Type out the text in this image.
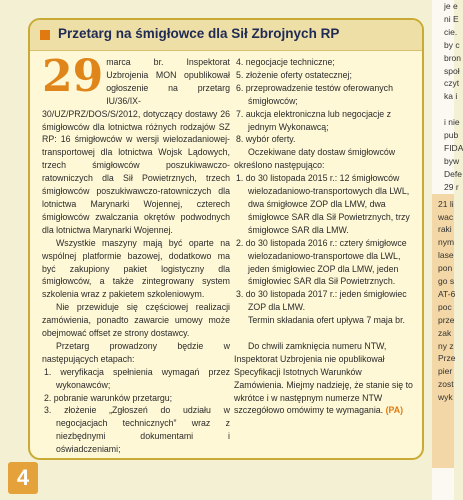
je e
ni E
cie.
by c
bron
społ
czyt
ka i

i nie
pub
FIDA
byw
Defe
29 r
21 li
wac
raki
nym
lase
pon
go s
AT-6
poc
prze
zak
ny z
Prze
pier
zost
wyk
Przetarg na śmigłowce dla Sił Zbrojnych RP

29 marca br. Inspektorat Uzbrojenia MON opublikował ogłoszenie na przetarg IU/36/IX-30/UZ/PRZ/DOS/S/2012, dotyczący dostawy 26 śmigłowców dla lotnictwa różnych rodzajów SZ RP: 16 śmigłowców w wersji wielozadaniowej-transportowej dla lotnictwa Wojsk Lądowych, trzech śmigłowców poszukiwawczo-ratowniczych dla Sił Powietrznych, trzech śmigłowców poszukiwawczo-ratowniczych dla lotnictwa Marynarki Wojennej, czterech śmigłowców zwalczania okrętów podwodnych dla lotnictwa Marynarki Wojennej.

Wszystkie maszyny mają być oparte na wspólnej platformie bazowej, dodatkowo ma być zakupiony pakiet logistyczny dla śmigłowców, a także zintegrowany system szkolenia wraz z pakietem szkoleniowym.

Nie przewiduje się częściowej realizacji zamówienia, ponadto zawarcie umowy może obejmować offset ze strony dostawcy.

Przetarg prowadzony będzie w następujących etapach:

1. weryfikacja spełnienia wymagań przez wykonawców;

2. pobranie warunków przetargu;

3. złożenie „Zgłoszeń do udziału w negocjacjach technicznych” wraz z niezbędnymi dokumentami i oświadczeniami;

4. negocjacje techniczne;

5. złożenie oferty ostatecznej;

6. przeprowadzenie testów oferowanych śmigłowców;

7. aukcja elektroniczna lub negocjacje z jednym Wykonawcą;

8. wybór oferty.

Oczekiwane daty dostaw śmigłowców określono następująco:

1. do 30 listopada 2015 r.: 12 śmigłowców wielozadaniowo-transportowych dla LWL, dwa śmigłowce ZOP dla LMW, dwa śmigłowce SAR dla Sił Powietrznych, trzy śmigłowce SAR dla LMW.

2. do 30 listopada 2016 r.: cztery śmigłowce wielozadaniowo-transportowe dla LWL, jeden śmigłowiec ZOP dla LMW, jeden śmigłowiec SAR dla Sił Powietrznych.

3. do 30 listopada 2017 r.: jeden śmigłowiec ZOP dla LMW.

Termin składania ofert upływa 7 maja br.

Do chwili zamknięcia numeru NTW, Inspektorat Uzbrojenia nie opublikował Specyfikacji Istotnych Warunków Zamówienia. Miejmy nadzieję, że stanie się to wkrótce i w następnym numerze NTW szczegółowo omówimy te wymagania. (PA)

4
